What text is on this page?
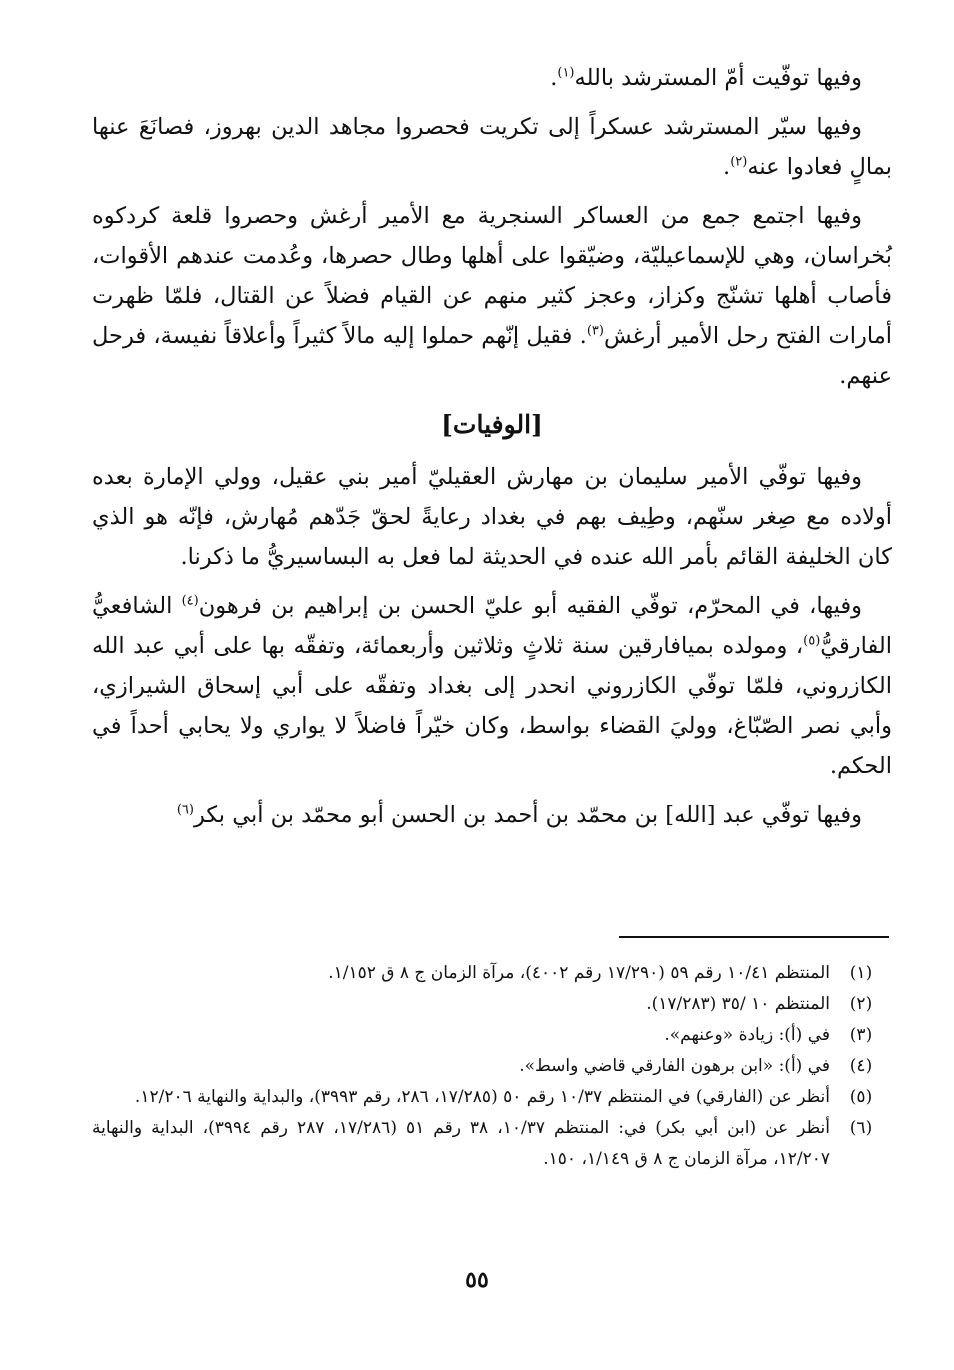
وفيها توفّيت أمّ المسترشد بالله$^{(١)}$.

وفيها سيّر المسترشد عسكراً إلى تكريت فحصروا مجاهد الدين بهروز، فصانَعَ عنها بمالٍ فعادوا عنه$^{(٢)}$.

وفيها اجتمع جمع من العساكر السنجرية مع الأمير أرغش وحصروا قلعة كردكوه بُخراسان، وهي للإسماعيليّة، وضيّقوا على أهلها وطال حصرها، وعُدمت عندهم الأقوات، فأصاب أهلها تشنّج وكزاز، وعجز كثير منهم عن القيام فضلاً عن القتال، فلمّا ظهرت أمارات الفتح رحل الأمير أرغش$^{(٣)}$. فقيل إنّهم حملوا إليه مالاً كثيراً وأعلاقاً نفيسة، فرحل عنهم.

[الوفيات]

وفيها توفّي الأمير سليمان بن مهارش العقيليّ أمير بني عقيل، وولي الإمارة بعده أولاده مع صِغر سنّهم، وطِيف بهم في بغداد رعايةً لحقّ جَدّهم مُهارش، فإنّه هو الذي كان الخليفة القائم بأمر الله عنده في الحديثة لما فعل به البساسيريُّ ما ذكرنا.

وفيها، في المحرّم، توفّي الفقيه أبو عليّ الحسن بن إبراهيم بن فرهون$^{(٤)}$ الشافعيُّ الفارقيُّ$^{(٥)}$، ومولده بميافارقين سنة ثلاثٍ وثلاثين وأربعمائة، وتفقّه بها على أبي عبد الله الكازروني، فلمّا توفّي الكازروني انحدر إلى بغداد وتفقّه على أبي إسحاق الشيرازي، وأبي نصر الصّبّاغ، ووليَ القضاء بواسط، وكان خيّراً فاضلاً لا يواري ولا يحابي أحداً في الحكم.

وفيها توفّي عبد [الله] بن محمّد بن أحمد بن الحسن أبو محمّد بن أبي بكر$^{(٦)}$

(١)
المنتظم ١٠/٤١ رقم ٥٩ (١٧/٢٩٠ رقم ٤٠٠٢)، مرآة الزمان ج ٨ ق ١/١٥٢.
(٢)
المنتظم ١٠ /٣٥ (١٧/٢٨٣).
(٣)
في (أ): زيادة «وعنهم».
(٤)
في (أ): «ابن برهون الفارقي قاضي واسط».
(٥)
أنظر عن (الفارقي) في المنتظم ١٠/٣٧ رقم ٥٠ (١٧/٢٨٥، ٢٨٦، رقم ٣٩٩٣)، والبداية والنهاية ١٢/٢٠٦.
(٦)
أنظر عن (ابن أبي بكر) في: المنتظم ١٠/٣٧، ٣٨ رقم ٥١ (١٧/٢٨٦، ٢٨٧ رقم ٣٩٩٤)، البداية والنهاية ١٢/٢٠٧، مرآة الزمان ج ٨ ق ١/١٤٩، ١٥٠.
٥٥
